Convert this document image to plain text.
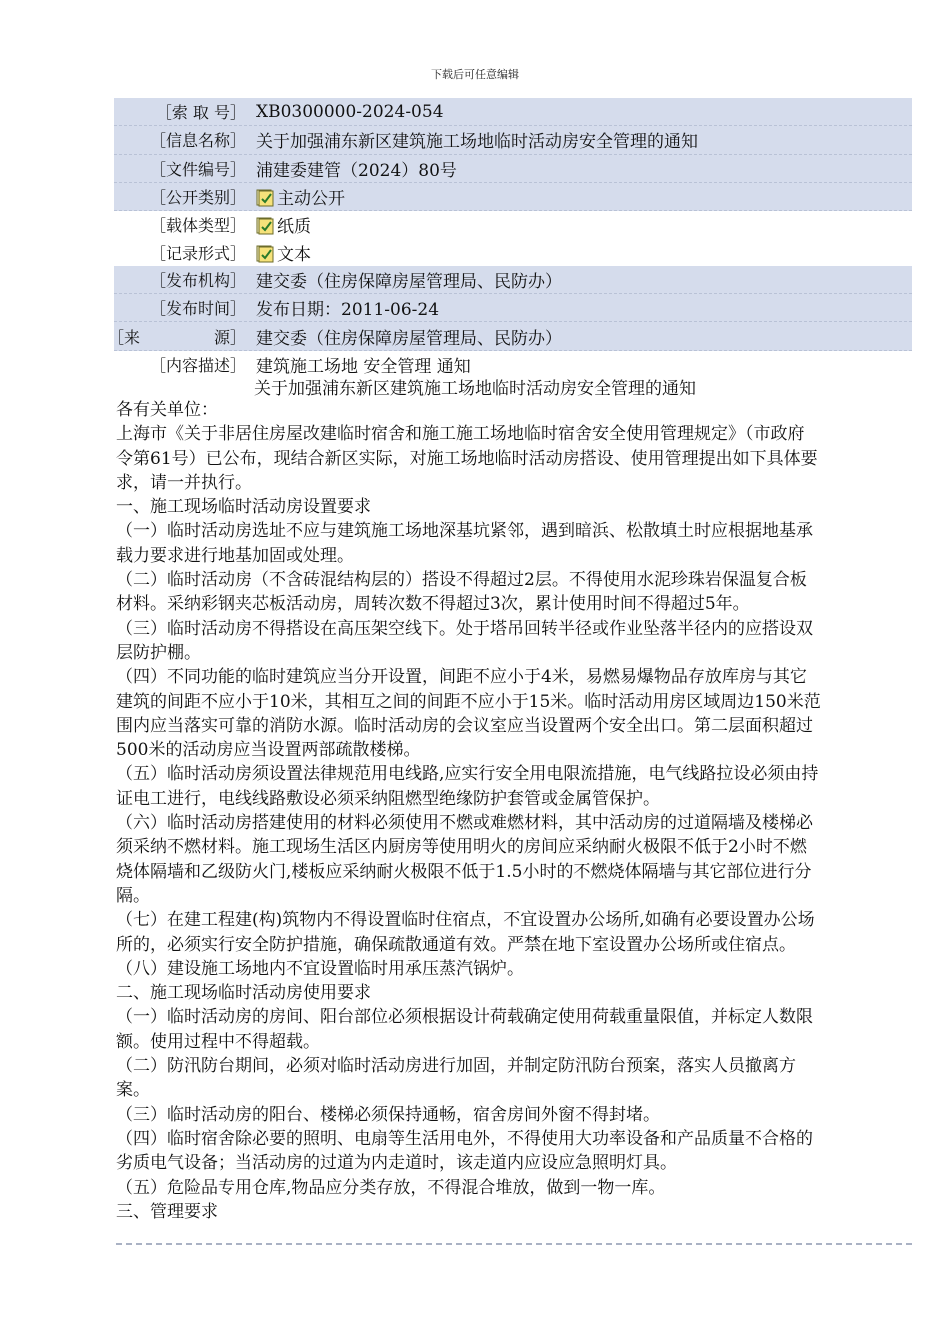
下载后可任意编辑
［索 取 号］ XB0300000-2024-054
［信息名称］ 关于加强浦东新区建筑施工场地临时活动房安全管理的通知
［文件编号］ 浦建委建管（2024）80号
［公开类别］	主动公开
［载体类型］	纸质
［记录形式］	文本
［发布机构］ 建交委（住房保障房屋管理局、民防办）
［发布时间］ 发布日期：2011-06-24
［来	源］ 建交委（住房保障房屋管理局、民防办）
［内容描述］ 建筑施工场地 安全管理 通知
关于加强浦东新区建筑施工场地临时活动房安全管理的通知

各有关单位：

上海市《关于非居住房屋改建临时宿舍和施工施工场地临时宿舍安全使用管理规定》（市政府

令第61号）已公布，现结合新区实际，对施工场地临时活动房搭设、使用管理提出如下具体要

求，请一并执行。

一、施工现场临时活动房设置要求

（一）临时活动房选址不应与建筑施工场地深基坑紧邻，遇到暗浜、松散填土时应根据地基承

载力要求进行地基加固或处理。

（二）临时活动房（不含砖混结构层的）搭设不得超过2层。不得使用水泥珍珠岩保温复合板

材料。采纳彩钢夹芯板活动房，周转次数不得超过3次，累计使用时间不得超过5年。

（三）临时活动房不得搭设在高压架空线下。处于塔吊回转半径或作业坠落半径内的应搭设双

层防护棚。

（四）不同功能的临时建筑应当分开设置，间距不应小于4米，易燃易爆物品存放库房与其它

建筑的间距不应小于10米，其相互之间的间距不应小于15米。临时活动用房区域周边150米范

围内应当落实可靠的消防水源。临时活动房的会议室应当设置两个安全出口。第二层面积超过

500米的活动房应当设置两部疏散楼梯。

（五）临时活动房须设置法律规范用电线路,应实行安全用电限流措施，电气线路拉设必须由持

证电工进行，电线线路敷设必须采纳阻燃型绝缘防护套管或金属管保护。

（六）临时活动房搭建使用的材料必须使用不燃或难燃材料，其中活动房的过道隔墙及楼梯必

须采纳不燃材料。施工现场生活区内厨房等使用明火的房间应采纳耐火极限不低于2小时不燃

烧体隔墙和乙级防火门,楼板应采纳耐火极限不低于1.5小时的不燃烧体隔墙与其它部位进行分

隔。

（七）在建工程建(构)筑物内不得设置临时住宿点，不宜设置办公场所,如确有必要设置办公场

所的，必须实行安全防护措施，确保疏散通道有效。严禁在地下室设置办公场所或住宿点。

（八）建设施工场地内不宜设置临时用承压蒸汽锅炉。

二、施工现场临时活动房使用要求

（一）临时活动房的房间、阳台部位必须根据设计荷载确定使用荷载重量限值，并标定人数限

额。使用过程中不得超载。

（二）防汛防台期间，必须对临时活动房进行加固，并制定防汛防台预案，落实人员撤离方

案。

（三）临时活动房的阳台、楼梯必须保持通畅，宿舍房间外窗不得封堵。

（四）临时宿舍除必要的照明、电扇等生活用电外，不得使用大功率设备和产品质量不合格的

劣质电气设备；当活动房的过道为内走道时，该走道内应设应急照明灯具。

（五）危险品专用仓库,物品应分类存放，不得混合堆放，做到一物一库。

三、管理要求
